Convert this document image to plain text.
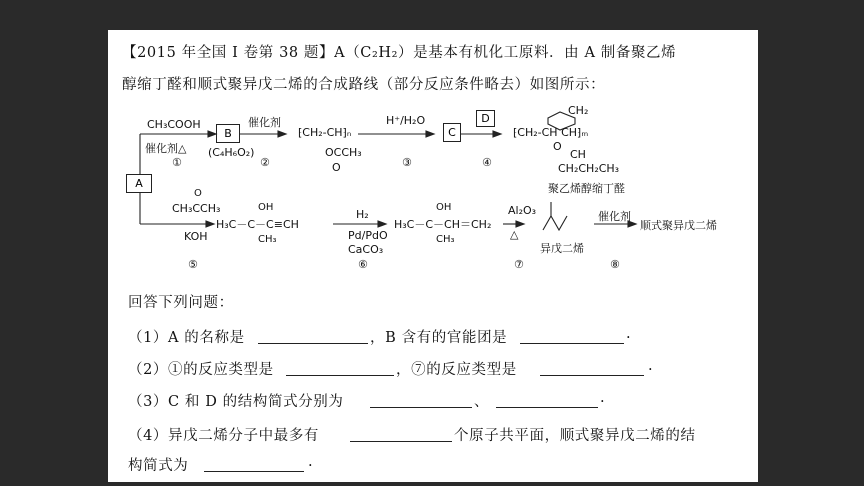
【2015 年全国 I 卷第 38 题】A（C₂H₂）是基本有机化工原料．由 A 制备聚乙烯
醇缩丁醛和顺式聚异戊二烯的合成路线（部分反应条件略去）如图所示：
A
B	C
D
CH₃COOH
催化剂△
①
(C₄H₆O₂)
催化剂
②
⁅CH₂-CH⁆ₙ
OCCH₃
O
H⁺/H₂O
③	④
⁅CH₂-CH CH⁆ₘ
CH₂
O
CH
CH₂CH₂CH₃
聚乙烯醇缩丁醛
O
CH₃CCH₃
KOH
⑤
OH
H₃C－C－C≡CH
CH₃
H₂
Pd/PdO
CaCO₃
⑥
OH
H₃C－C－CH＝CH₂
CH₃
Al₂O₃
△
⑦
异戊二烯
催化剂
⑧
顺式聚异戊二烯
回答下列问题：
（1）A 的名称是	，B 含有的官能团是	.
（2）①的反应类型是	，⑦的反应类型是	.
（3）C 和 D 的结构简式分别为	、	.
（4）异戊二烯分子中最多有	个原子共平面，顺式聚异戊二烯的结
构简式为	.
